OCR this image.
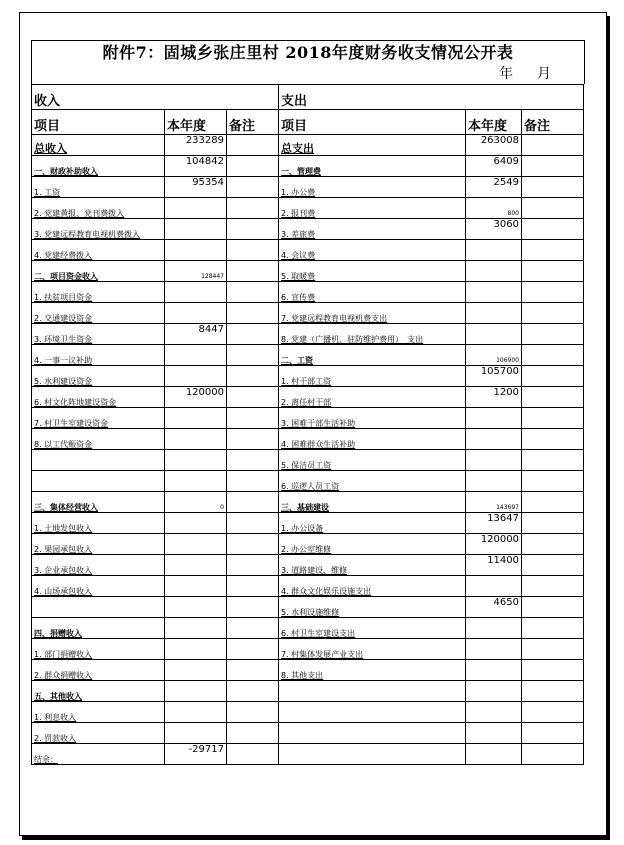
附件7：固城乡张庄里村 2018年度财务收支情况公开表
年 月
收入			支出		
项目	本年度	备注	项目	本年度	备注
总收入	233289		总支出	263008	
一、财政补助收入	104842		一、管理费	6409	
1. 工资	95354		1. 办公费	2549	
2. 党建黄报、党刊费拨入			2. 报刊费	800	
3. 党建远程教育电视机费拨入			3. 差旅费	3060	
4. 党建经费拨入			4. 会议费		
二、项目资金收入	128447		5. 取暖费		
1. 扶贫项目资金			6. 宣传费		
2. 交通建设资金			7. 党建远程教育电视机费支出		
3. 环境卫生资金	8447		8. 党建（广播机、驻防维护费用）　支出		
4. 一事一议补助			二、工资	106900	
5. 水利建设资金			1. 村干部工资	105700	
6. 村文化阵地建设资金	120000		2. 离任村干部	1200	
7. 村卫生室建设资金			3. 困难干部生活补助		
8. 以工代赈资金			4. 困难群众生活补助		
			5. 保洁员工资		
			6. 巡逻人员工资		
三、集体经营收入	0		三、基础建设	143697	
1. 土地发包收入			1. 办公设备	13647	
2. 果园承包收入			2. 办公室维修	120000	
3. 企业承包收入			3. 道路建设、维修	11400	
4. 山场承包收入			4. 群众文化娱乐设施支出		
			5. 水利设施维修	4650	
四、捐赠收入			6. 村卫生室建设支出		
1. 部门捐赠收入			7. 村集体发展产业支出		
2. 群众捐赠收入			8. 其他支出		
五、其他收入					
1. 利息收入					
2. 罚款收入					
结余：	-29717				
